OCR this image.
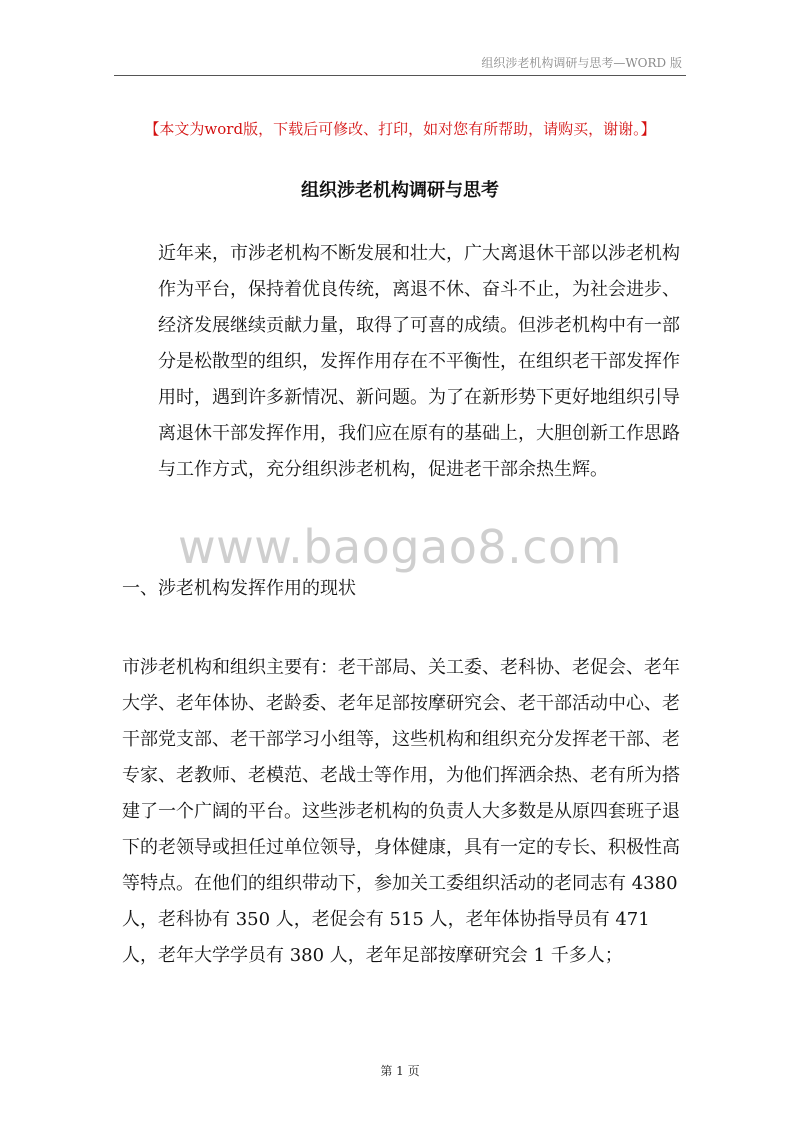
组织涉老机构调研与思考—WORD 版
【本文为word版，下载后可修改、打印，如对您有所帮助，请购买，谢谢。】
组织涉老机构调研与思考

近年来，市涉老机构不断发展和壮大，广大离退休干部以涉老机构作为平台，保持着优良传统，离退不休、奋斗不止，为社会进步、经济发展继续贡献力量，取得了可喜的成绩。但涉老机构中有一部分是松散型的组织，发挥作用存在不平衡性，在组织老干部发挥作用时，遇到许多新情况、新问题。为了在新形势下更好地组织引导离退休干部发挥作用，我们应在原有的基础上，大胆创新工作思路与工作方式，充分组织涉老机构，促进老干部余热生辉。

www.baogao8.com
一、涉老机构发挥作用的现状

市涉老机构和组织主要有：老干部局、关工委、老科协、老促会、老年大学、老年体协、老龄委、老年足部按摩研究会、老干部活动中心、老干部党支部、老干部学习小组等，这些机构和组织充分发挥老干部、老专家、老教师、老模范、老战士等作用，为他们挥洒余热、老有所为搭建了一个广阔的平台。这些涉老机构的负责人大多数是从原四套班子退下的老领导或担任过单位领导，身体健康，具有一定的专长、积极性高等特点。在他们的组织带动下，参加关工委组织活动的老同志有 4380 人，老科协有 350 人，老促会有 515 人，老年体协指导员有 471 人，老年大学学员有 380 人，老年足部按摩研究会 1 千多人；

第 1 页
